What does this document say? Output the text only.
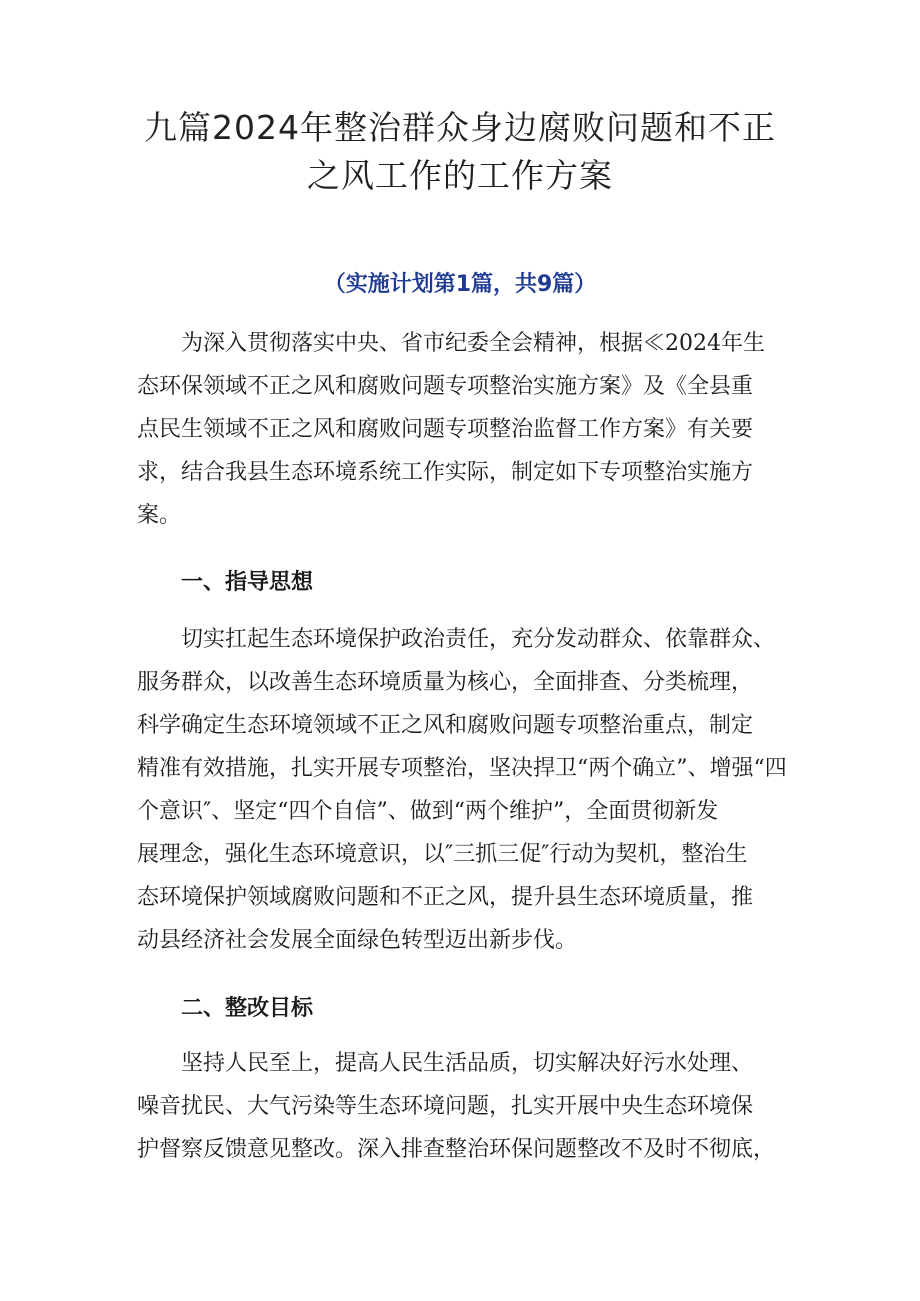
九篇2024年整治群众身边腐败问题和不正
之风工作的工作方案
（实施计划第1篇，共9篇）
为深入贯彻落实中央、省市纪委全会精神，根据≪2024年生
态环保领域不正之风和腐败问题专项整治实施方案》及《全县重
点民生领域不正之风和腐败问题专项整治监督工作方案》有关要
求，结合我县生态环境系统工作实际，制定如下专项整治实施方
案。
一、指导思想
切实扛起生态环境保护政治责任，充分发动群众、依靠群众、
服务群众，以改善生态环境质量为核心，全面排查、分类梳理，
科学确定生态环境领域不正之风和腐败问题专项整治重点，制定
精准有效措施，扎实开展专项整治，坚决捍卫“两个确立”、增强“四
个意识″、坚定“四个自信”、做到“两个维护”，全面贯彻新发
展理念，强化生态环境意识，以″三抓三促″行动为契机，整治生
态环境保护领域腐败问题和不正之风，提升县生态环境质量，推
动县经济社会发展全面绿色转型迈出新步伐。
二、整改目标
坚持人民至上，提高人民生活品质，切实解决好污水处理、
噪音扰民、大气污染等生态环境问题，扎实开展中央生态环境保
护督察反馈意见整改。深入排查整治环保问题整改不及时不彻底，
